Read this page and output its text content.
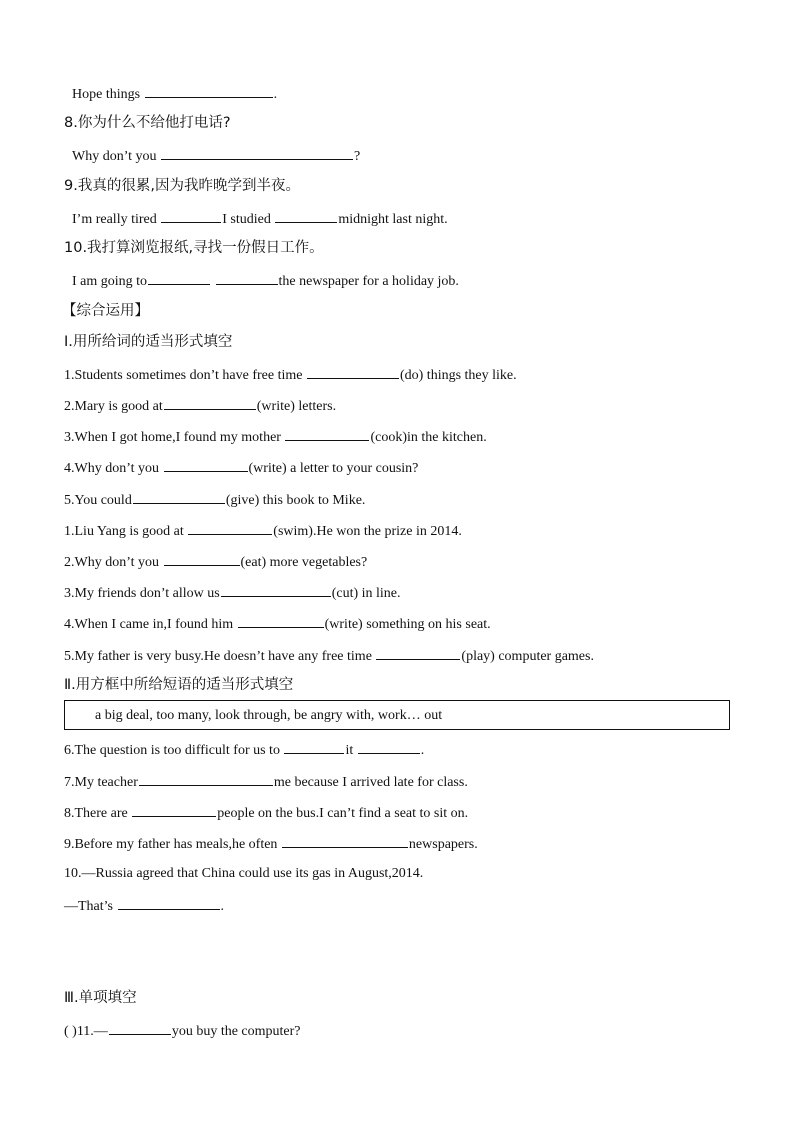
Hope things	.
8.你为什么不给他打电话?
Why don’t you	?
9.我真的很累,因为我昨晚学到半夜。
I’m really tired	I studied	midnight last night.
10.我打算浏览报纸,寻找一份假日工作。
I am going to	the newspaper for a holiday job.
【综合运用】
Ⅰ.用所给词的适当形式填空
1.Students sometimes don’t have free time	(do) things they like.
2.Mary is good at	(write) letters.
3.When I got home,I found my mother	(cook)in the kitchen.
4.Why don’t you	(write) a letter to your cousin?
5.You could	(give) this book to Mike.
1.Liu Yang is good at	(swim).He won the prize in 2014.
2.Why don’t you	(eat) more vegetables?
3.My friends don’t allow us	(cut) in line.
4.When I came in,I found him	(write) something on his seat.
5.My father is very busy.He doesn’t have any free time	(play) computer games.
Ⅱ.用方框中所给短语的适当形式填空
a big deal, too many, look through, be angry with, work… out
6.The question is too difficult for us to	it	.
7.My teacher	me because I arrived late for class.
8.There are	people on the bus.I can’t find a seat to sit on.
9.Before my father has meals,he often	newspapers.
10.—Russia agreed that China could use its gas in August,2014.
—That’s	.
Ⅲ.单项填空
( )11.—	you buy the computer?
